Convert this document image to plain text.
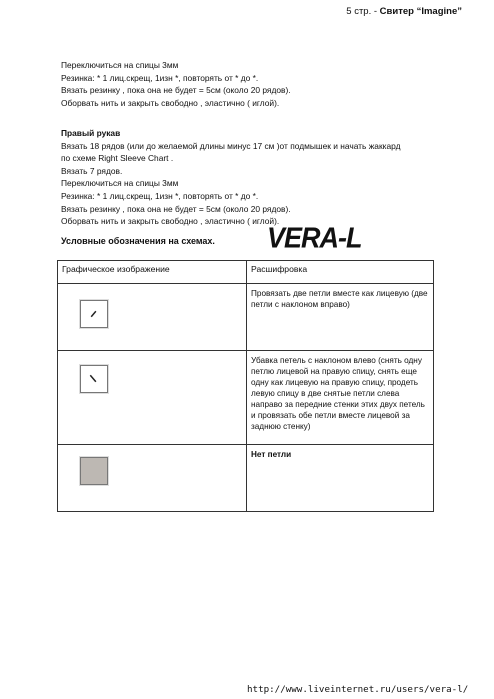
5 стр. - Свитер “Imagine”

Переключиться на спицы 3мм

Резинка: * 1 лиц.скрещ, 1изн *, повторять от * до *.

Вязать резинку , пока она не будет = 5см (около 20 рядов).

Оборвать нить и закрыть свободно , эластично ( иглой).

Правый рукав

Вязать 18 рядов (или до желаемой длины минус 17 см )от подмышек и начать жаккард

по схеме Right Sleeve Chart .

Вязать 7 рядов.

Переключиться на спицы 3мм

Резинка: * 1 лиц.скрещ, 1изн *, повторять от * до *.

Вязать резинку , пока она не будет = 5см (около 20 рядов).

Оборвать нить и закрыть свободно , эластично ( иглой).

Условные обозначения на схемах. VERA-L
Графическое изображение	Расшифровка

	Провязать две петли вместе как лицевую (две петли с наклоном вправо)

	Убавка петель с наклоном влево (снять одну петлю лицевой на правую спицу, снять еще одну как лицевую на правую спицу, продеть левую спицу в две снятые петли слева направо за передние стенки этих двух петель и провязать обе петли вместе лицевой за заднюю стенку)

	Нет петли
http://www.liveinternet.ru/users/vera-l/
